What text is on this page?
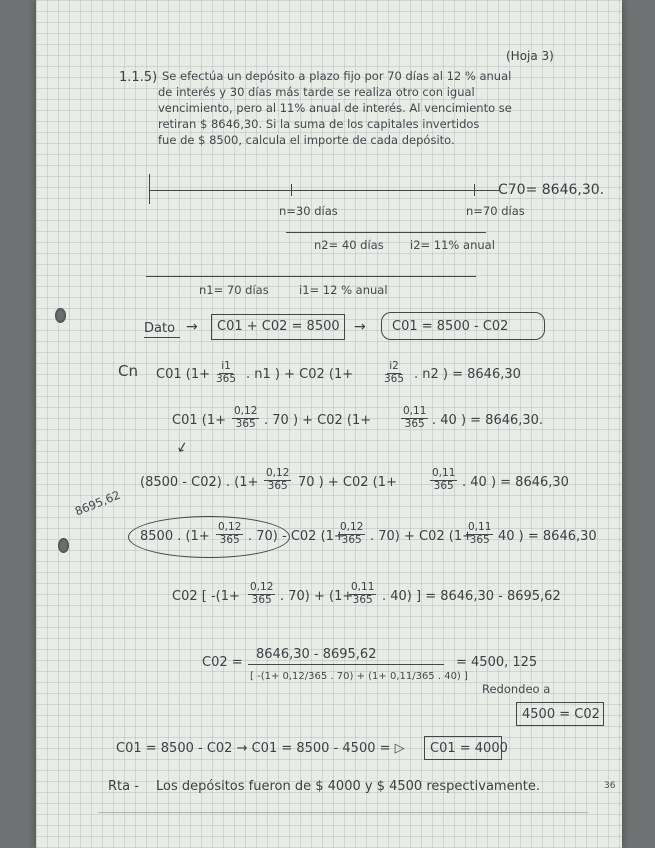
(Hoja 3)
1.1.5) Se efectúa un depósito a plazo fijo por 70 días al 12 % anual
de interés y 30 días más tarde se realiza otro con igual
vencimiento, pero al 11% anual de interés. Al vencimiento se
retiran $ 8646,30. Si la suma de los capitales invertidos
fue de $ 8500, calcula el importe de cada depósito.
C70= 8646,30.
n=30 días	n=70 días
n2= 40 días i2= 11% anual
n1= 70 días	i1= 12 % anual
Dato → C01 + C02 = 8500 → C01 = 8500 - C02
Cn C01 ($1+ \frac{i1}{365}$ . n1 ) + C02 (1+	$\frac{i2}{365}$ . n2 ) = 8646,30
C01 ($1+ \frac{0,12}{365}$ . 70 ) + C02 (1+	$\frac{0,11}{365}$ . 40 ) = 8646,30.
→
(8500 - C02) . ($1+ \frac{0,12}{365} 70$ ) + C02 (1+	$\frac{0,11}{365}$ . 40 ) = 8646,30
8695,62
8500 . ($1+ \frac{0,12}{365}$ . 70) - C02 (1+
$\frac{0,12}{365}$ . 70) + C02 (1+
$\frac{0,11}{365} 40$ ) = 8646,30
C02 [ $-(1+ \frac{0,12}{365}$ . 70) + (1+
$\frac{0,11}{365}$ . 40) ] = 8646,30 - 8695,62
C02 =
8646,30 - 8695,62
[ -(1+ 0,12/365 . 70) + (1+ 0,11/365 . 40) ]
= 4500, 125
Redondeo a
4500 = C02
C01 = 8500 - C02 → C01 = 8500 - 4500 = ▷ C01 = 4000
Rta - Los depósitos fueron de $ 4000 y $ 4500 respectivamente.	36
